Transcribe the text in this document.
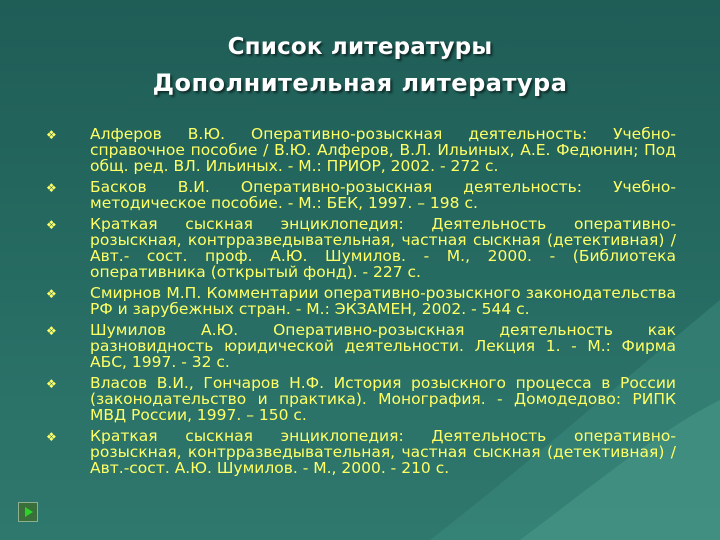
Список литературы
Дополнительная литература
❖ Алферов В.Ю. Оперативно-розыскная деятельность: Учебно-справочное пособие / В.Ю. Алферов, В.Л. Ильиных, А.Е. Федюнин; Под общ. ред. ВЛ. Ильиных. - М.: ПРИОР, 2002. - 272 с.
❖ Басков В.И. Оперативно-розыскная деятельность: Учебно-методическое пособие. - М.: БЕК, 1997. – 198 с.
❖ Краткая сыскная энциклопедия: Деятельность оперативно-розыскная, контрразведывательная, частная сыскная (детективная) / Авт.- сост. проф. А.Ю. Шумилов. - М., 2000. - (Библиотека оперативника (открытый фонд). - 227 с.
❖ Смирнов М.П. Комментарии оперативно-розыскного законодательства РФ и зарубежных стран. - М.: ЭКЗАМЕН, 2002. - 544 с.
❖ Шумилов А.Ю. Оперативно-розыскная деятельность как разновидность юридической деятельности. Лекция 1. - М.: Фирма АБС, 1997. - 32 с.
❖ Власов В.И., Гончаров Н.Ф. История розыскного процесса в России (законодательство и практика). Монография. - Домодедово: РИПК МВД России, 1997. – 150 с.
❖ Краткая сыскная энциклопедия: Деятельность оперативно-розыскная, контрразведывательная, частная сыскная (детективная) / Авт.-сост. А.Ю. Шумилов. - М., 2000. - 210 с.
